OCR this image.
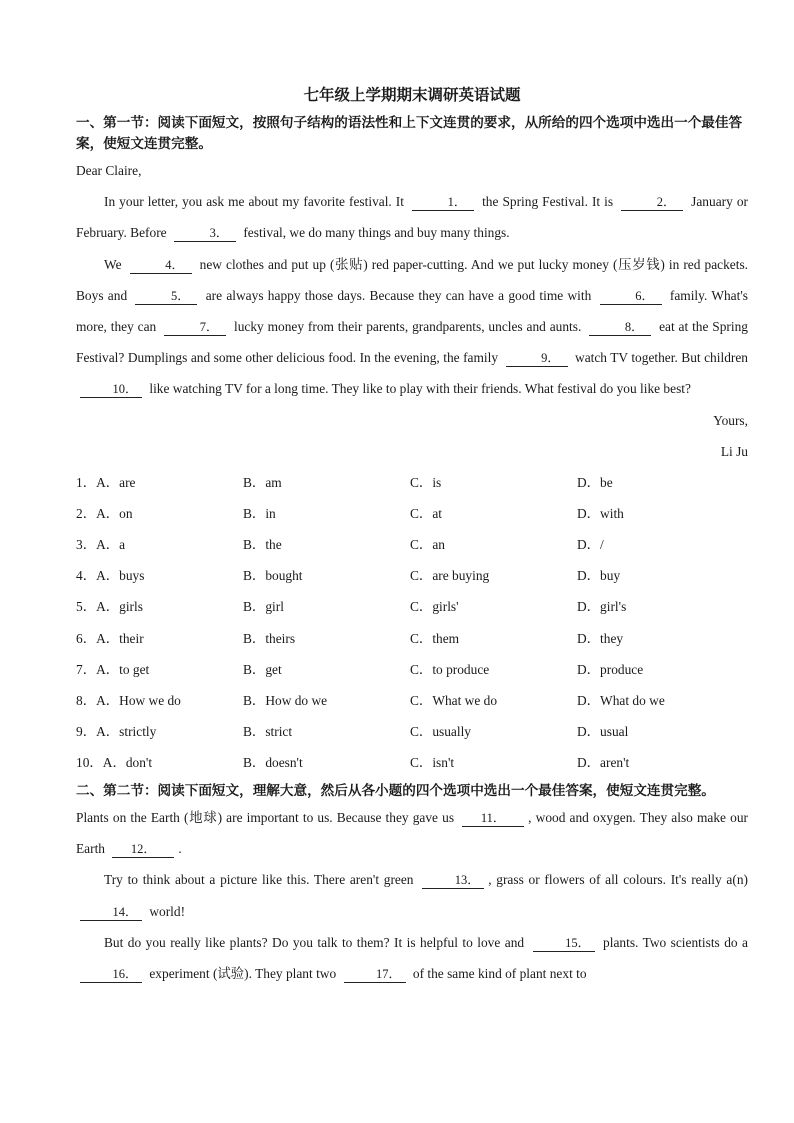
七年级上学期期末调研英语试题

一、第一节：阅读下面短文，按照句子结构的语法性和上下文连贯的要求，从所给的四个选项中选出一个最佳答案，使短文连贯完整。

Dear Claire,

In your letter, you ask me about my favorite festival. It	1． the Spring Festival. It is	2． January or February. Before	3． festival, we do many things and buy many things.

We	4． new clothes and put up (张贴) red paper-cutting. And we put lucky money (压岁钱) in red packets. Boys and	5． are always happy those days. Because they can have a good time with	6． family. What's more, they can	7． lucky money from their parents, grandparents, uncles and aunts.	8． eat at the Spring Festival? Dumplings and some other delicious food. In the evening, the family	9． watch TV together. But children 10． like watching TV for a long time. They like to play with their friends. What festival do you like best?

Yours,

Li Ju

1．A．are	B．am	C．is	D．be
2．A．on	B．in	C．at	D．with
3．A．a	B．the	C．an	D．/
4．A．buys	B．bought	C．are buying	D．buy
5．A．girls	B．girl	C．girls'	D．girl's
6．A．their	B．theirs	C．them	D．they
7．A．to get	B．get	C．to produce	D．produce
8．A．How we do	B．How do we	C．What we do	D．What do we
9．A．strictly	B．strict	C．usually	D．usual
10．A．don't	B．doesn't	C．isn't	D．aren't

二、第二节：阅读下面短文，理解大意，然后从各小题的四个选项中选出一个最佳答案，使短文连贯完整。

Plants on the Earth (地球) are important to us. Because they gave us 11． , wood and oxygen. They also make our Earth 12． .

Try to think about a picture like this. There aren't green	13． , grass or flowers of all colours. It's really a(n) 14． world!

But do you really like plants? Do you talk to them? It is helpful to love and	15． plants. Two scientists do a 16． experiment (试验). They plant two	17． of the same kind of plant next to
